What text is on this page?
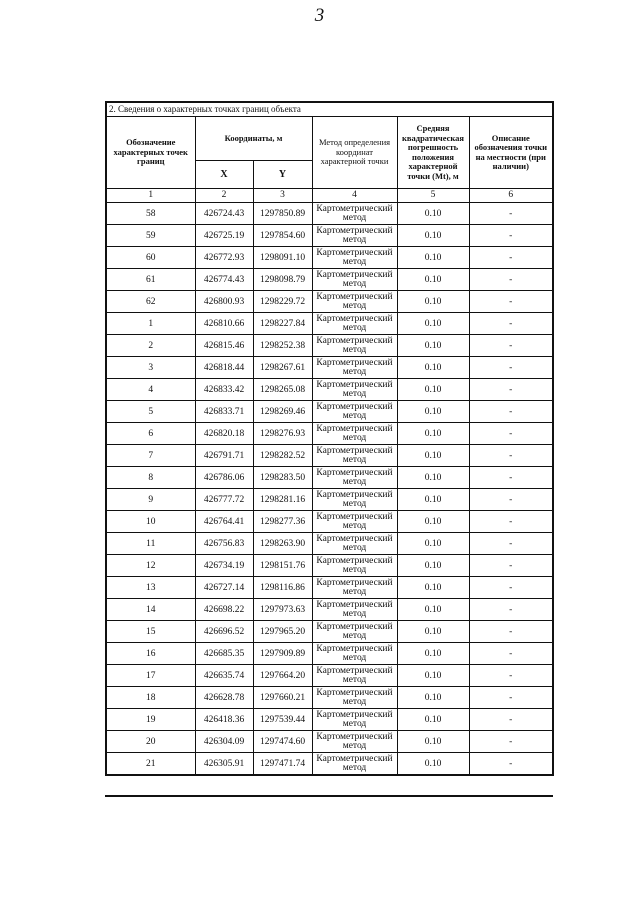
3
2. Сведения о характерных точках границ объекта					
Обозначение характерных точек границ	Координаты, м		Метод определения координат характерной точки	Средняя квадратическая погрешность положения характерной точки (Mt), м	Описание обозначения точки на местности (при наличии)
	X	Y			
1	2	3	4	5	6
58	426724.43	1297850.89	Картометрический метод	0.10	-
59	426725.19	1297854.60	Картометрический метод	0.10	-
60	426772.93	1298091.10	Картометрический метод	0.10	-
61	426774.43	1298098.79	Картометрический метод	0.10	-
62	426800.93	1298229.72	Картометрический метод	0.10	-
1	426810.66	1298227.84	Картометрический метод	0.10	-
2	426815.46	1298252.38	Картометрический метод	0.10	-
3	426818.44	1298267.61	Картометрический метод	0.10	-
4	426833.42	1298265.08	Картометрический метод	0.10	-
5	426833.71	1298269.46	Картометрический метод	0.10	-
6	426820.18	1298276.93	Картометрический метод	0.10	-
7	426791.71	1298282.52	Картометрический метод	0.10	-
8	426786.06	1298283.50	Картометрический метод	0.10	-
9	426777.72	1298281.16	Картометрический метод	0.10	-
10	426764.41	1298277.36	Картометрический метод	0.10	-
11	426756.83	1298263.90	Картометрический метод	0.10	-
12	426734.19	1298151.76	Картометрический метод	0.10	-
13	426727.14	1298116.86	Картометрический метод	0.10	-
14	426698.22	1297973.63	Картометрический метод	0.10	-
15	426696.52	1297965.20	Картометрический метод	0.10	-
16	426685.35	1297909.89	Картометрический метод	0.10	-
17	426635.74	1297664.20	Картометрический метод	0.10	-
18	426628.78	1297660.21	Картометрический метод	0.10	-
19	426418.36	1297539.44	Картометрический метод	0.10	-
20	426304.09	1297474.60	Картометрический метод	0.10	-
21	426305.91	1297471.74	Картометрический метод	0.10	-
